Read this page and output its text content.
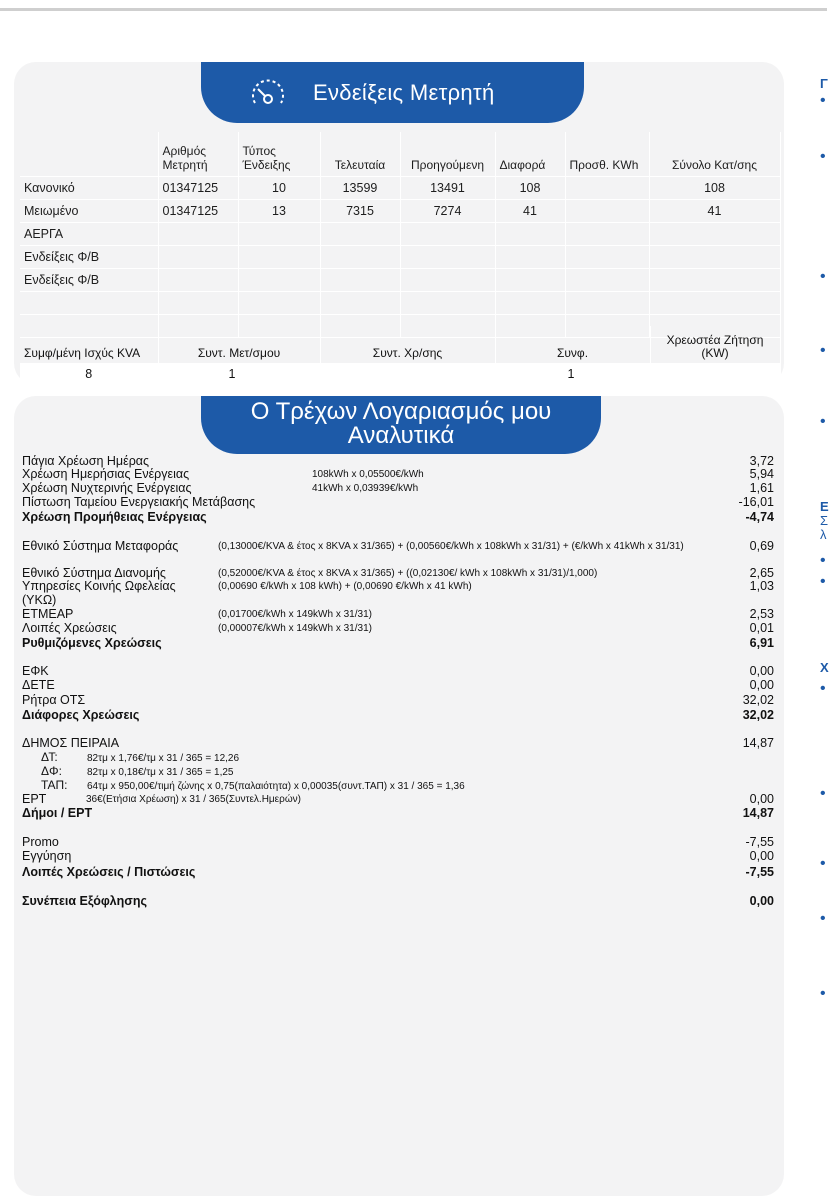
Ενδείξεις Μετρητή
	Αριθμός Μετρητή	Τύπος Ένδειξης	Τελευταία	Προηγούμενη	Διαφορά	Προσθ. KWh	Σύνολο Κατ/σης
Κανονικό	01347125	10	13599	13491	108		108
Μειωμένο	01347125	13	7315	7274	41		41
ΑΕΡΓΑ							
Ενδείξεις Φ/Β							
Ενδείξεις Φ/Β							

Συμφ/μένη Ισχύς KVA	Συντ. Μετ/σμου	Συντ. Χρ/σης	Συνφ.	Χρεωστέα Ζήτηση (KW)
8	1		1	
Ο Τρέχων Λογαριασμός μου
Αναλυτικά
Πάγια Χρέωση Ημέρας	3,72
Χρέωση Ημερήσιας Ενέργειας	108kWh x 0,05500€/kWh	5,94
Χρέωση Νυχτερινής Ενέργειας	41kWh x 0,03939€/kWh	1,61
Πίστωση Ταμείου Ενεργειακής Μετάβασης	-16,01
Χρέωση Προμήθειας Ενέργειας	-4,74
Εθνικό Σύστημα Μεταφοράς	(0,13000€/KVA & έτος x 8KVA x 31/365) + (0,00560€/kWh x 108kWh x 31/31) + (€/kWh x 41kWh x 31/31)	0,69
Εθνικό Σύστημα Διανομής	(0,52000€/KVA & έτος x 8KVA x 31/365) + ((0,02130€/ kWh x 108kWh x 31/31)/1,000)	2,65
Υπηρεσίες Κοινής Ωφελείας	(0,00690 €/kWh x 108 kWh) + (0,00690 €/kWh x 41 kWh)	1,03
(ΥΚΩ)
ΕΤΜΕΑΡ	(0,01700€/kWh x 149kWh x 31/31)	2,53
Λοιπές Χρεώσεις	(0,00007€/kWh x 149kWh x 31/31)	0,01
Ρυθμιζόμενες Χρεώσεις	6,91
ΕΦΚ	0,00
ΔΕΤΕ	0,00
Ρήτρα ΟΤΣ	32,02
Διάφορες Χρεώσεις	32,02
ΔΗΜΟΣ ΠΕΙΡΑΙΑ	14,87
ΔΤ:	82τμ x 1,76€/τμ x 31 / 365 = 12,26
ΔΦ:	82τμ x 0,18€/τμ x 31 / 365 = 1,25
ΤΑΠ:	64τμ x 950,00€/τιμή ζώνης x 0,75(παλαιότητα) x 0,00035(συντ.ΤΑΠ) x 31 / 365 = 1,36
ΕΡΤ	36€(Ετήσια Χρέωση) x 31 / 365(Συντελ.Ημερών)	0,00
Δήμοι / ΕΡΤ	14,87
Promo	-7,55
Εγγύηση	0,00
Λοιπές Χρεώσεις / Πιστώσεις	-7,55
Συνέπεια Εξόφλησης	0,00
Γ
•
•
•
•
•
Ε
Σ
λ
•
•
Χ
•
•
•
•
•
